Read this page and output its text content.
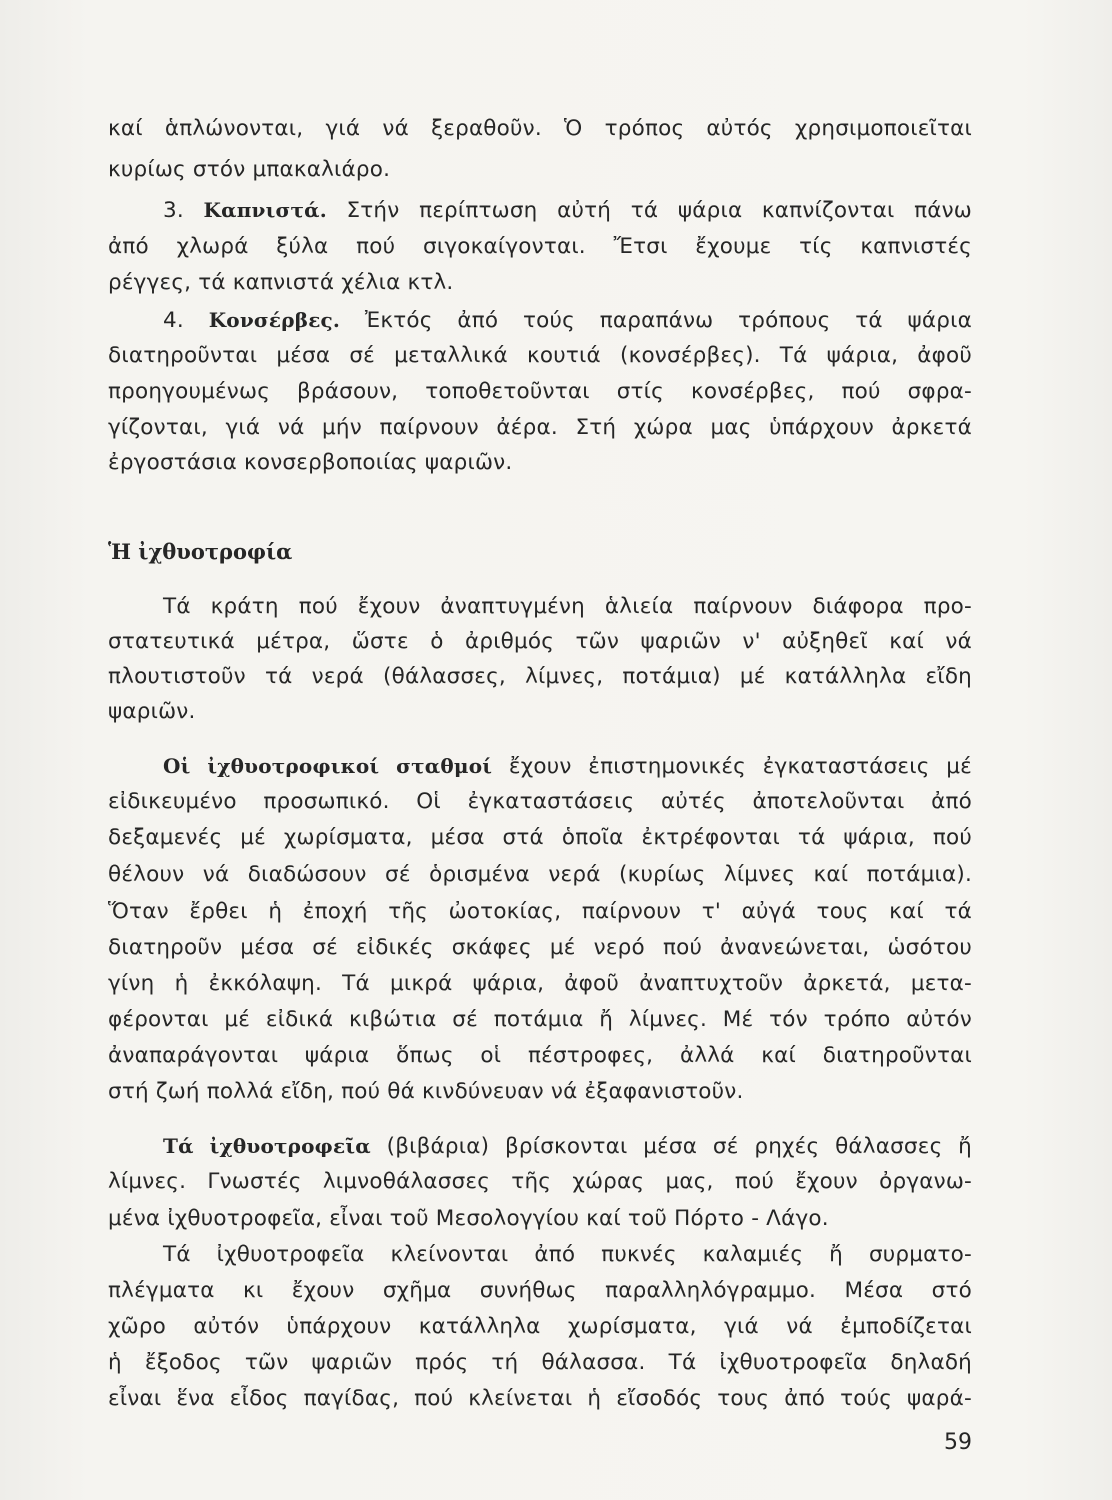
καί ἁπλώνονται, γιά νά ξεραθοῦν. Ὁ τρόπος αὐτός χρησιμοποιεῖται
κυρίως στόν μπακαλιάρο.
3. Καπνιστά. Στήν περίπτωση αὐτή τά ψάρια καπνίζονται πάνω
ἀπό χλωρά ξύλα πού σιγοκαίγονται. Ἔτσι ἔχουμε τίς καπνιστές
ρέγγες, τά καπνιστά χέλια κτλ.
4. Κονσέρβες. Ἐκτός ἀπό τούς παραπάνω τρόπους τά ψάρια
διατηροῦνται μέσα σέ μεταλλικά κουτιά (κονσέρβες). Τά ψάρια, ἀφοῦ
προηγουμένως βράσουν, τοποθετοῦνται στίς κονσέρβες, πού σφρα-
γίζονται, γιά νά μήν παίρνουν ἀέρα. Στή χώρα μας ὑπάρχουν ἀρκετά
ἐργοστάσια κονσερβοποιίας ψαριῶν.
Ἡ ἰχθυοτροφία
Τά κράτη πού ἔχουν ἀναπτυγμένη ἁλιεία παίρνουν διάφορα προ-
στατευτικά μέτρα, ὥστε ὁ ἀριθμός τῶν ψαριῶν ν' αὐξηθεῖ καί νά
πλουτιστοῦν τά νερά (θάλασσες, λίμνες, ποτάμια) μέ κατάλληλα εἴδη
ψαριῶν.
Οἱ ἰχθυοτροφικοί σταθμοί ἔχουν ἐπιστημονικές ἐγκαταστάσεις μέ
εἰδικευμένο προσωπικό. Οἱ ἐγκαταστάσεις αὐτές ἀποτελοῦνται ἀπό
δεξαμενές μέ χωρίσματα, μέσα στά ὁποῖα ἐκτρέφονται τά ψάρια, πού
θέλουν νά διαδώσουν σέ ὁρισμένα νερά (κυρίως λίμνες καί ποτάμια).
Ὅταν ἔρθει ἡ ἐποχή τῆς ὠοτοκίας, παίρνουν τ' αὐγά τους καί τά
διατηροῦν μέσα σέ εἰδικές σκάφες μέ νερό πού ἀνανεώνεται, ὡσότου
γίνη ἡ ἐκκόλαψη. Τά μικρά ψάρια, ἀφοῦ ἀναπτυχτοῦν ἀρκετά, μετα-
φέρονται μέ εἰδικά κιβώτια σέ ποτάμια ἤ λίμνες. Μέ τόν τρόπο αὐτόν
ἀναπαράγονται ψάρια ὅπως οἱ πέστροφες, ἀλλά καί διατηροῦνται
στή ζωή πολλά εἴδη, πού θά κινδύνευαν νά ἐξαφανιστοῦν.
Τά ἰχθυοτροφεῖα (βιβάρια) βρίσκονται μέσα σέ ρηχές θάλασσες ἤ
λίμνες. Γνωστές λιμνοθάλασσες τῆς χώρας μας, πού ἔχουν ὀργανω-
μένα ἰχθυοτροφεῖα, εἶναι τοῦ Μεσολογγίου καί τοῦ Πόρτο - Λάγο.
Τά ἰχθυοτροφεῖα κλείνονται ἀπό πυκνές καλαμιές ἤ συρματο-
πλέγματα κι ἔχουν σχῆμα συνήθως παραλληλόγραμμο. Μέσα στό
χῶρο αὐτόν ὑπάρχουν κατάλληλα χωρίσματα, γιά νά ἐμποδίζεται
ἡ ἔξοδος τῶν ψαριῶν πρός τή θάλασσα. Τά ἰχθυοτροφεῖα δηλαδή
εἶναι ἕνα εἶδος παγίδας, πού κλείνεται ἡ εἴσοδός τους ἀπό τούς ψαρά-
59
